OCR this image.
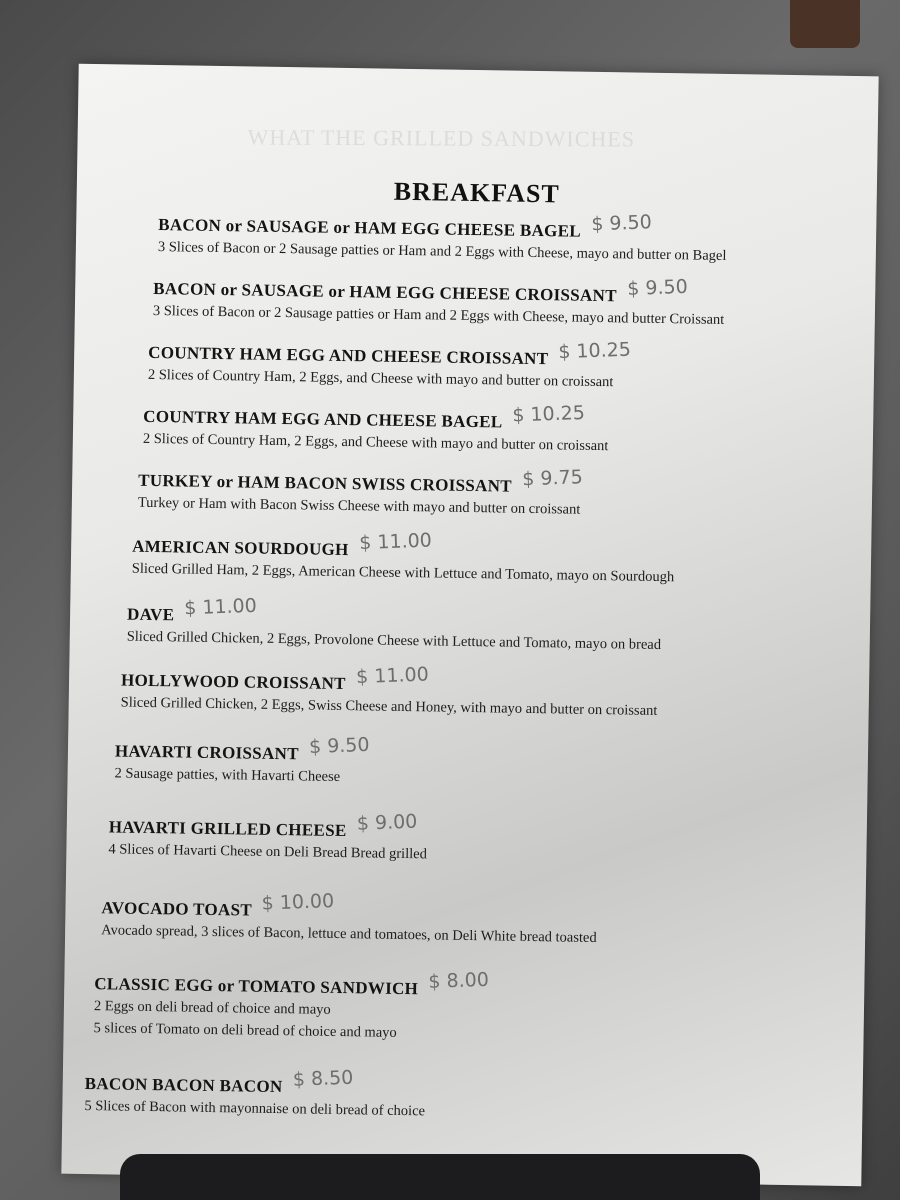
WHAT THE GRILLED SANDWICHES
BREAKFAST
BACON or SAUSAGE or HAM EGG CHEESE BAGEL $ 9.50
3 Slices of Bacon or 2 Sausage patties or Ham and 2 Eggs with Cheese, mayo and butter on Bagel
BACON or SAUSAGE or HAM EGG CHEESE CROISSANT $ 9.50
3 Slices of Bacon or 2 Sausage patties or Ham and 2 Eggs with Cheese, mayo and butter Croissant
COUNTRY HAM EGG AND CHEESE CROISSANT $ 10.25
2 Slices of Country Ham, 2 Eggs, and Cheese with mayo and butter on croissant
COUNTRY HAM EGG AND CHEESE BAGEL $ 10.25
2 Slices of Country Ham, 2 Eggs, and Cheese with mayo and butter on croissant
TURKEY or HAM BACON SWISS CROISSANT $ 9.75
Turkey or Ham with Bacon Swiss Cheese with mayo and butter on croissant
AMERICAN SOURDOUGH $ 11.00
Sliced Grilled Ham, 2 Eggs, American Cheese with Lettuce and Tomato, mayo on Sourdough
DAVE $ 11.00
Sliced Grilled Chicken, 2 Eggs, Provolone Cheese with Lettuce and Tomato, mayo on bread
HOLLYWOOD CROISSANT $ 11.00
Sliced Grilled Chicken, 2 Eggs, Swiss Cheese and Honey, with mayo and butter on croissant
HAVARTI CROISSANT $ 9.50
2 Sausage patties, with Havarti Cheese
HAVARTI GRILLED CHEESE $ 9.00
4 Slices of Havarti Cheese on Deli Bread Bread grilled
AVOCADO TOAST $ 10.00
Avocado spread, 3 slices of Bacon, lettuce and tomatoes, on Deli White bread toasted
CLASSIC EGG or TOMATO SANDWICH $ 8.00
2 Eggs on deli bread of choice and mayo
5 slices of Tomato on deli bread of choice and mayo
BACON BACON BACON $ 8.50
5 Slices of Bacon with mayonnaise on deli bread of choice
